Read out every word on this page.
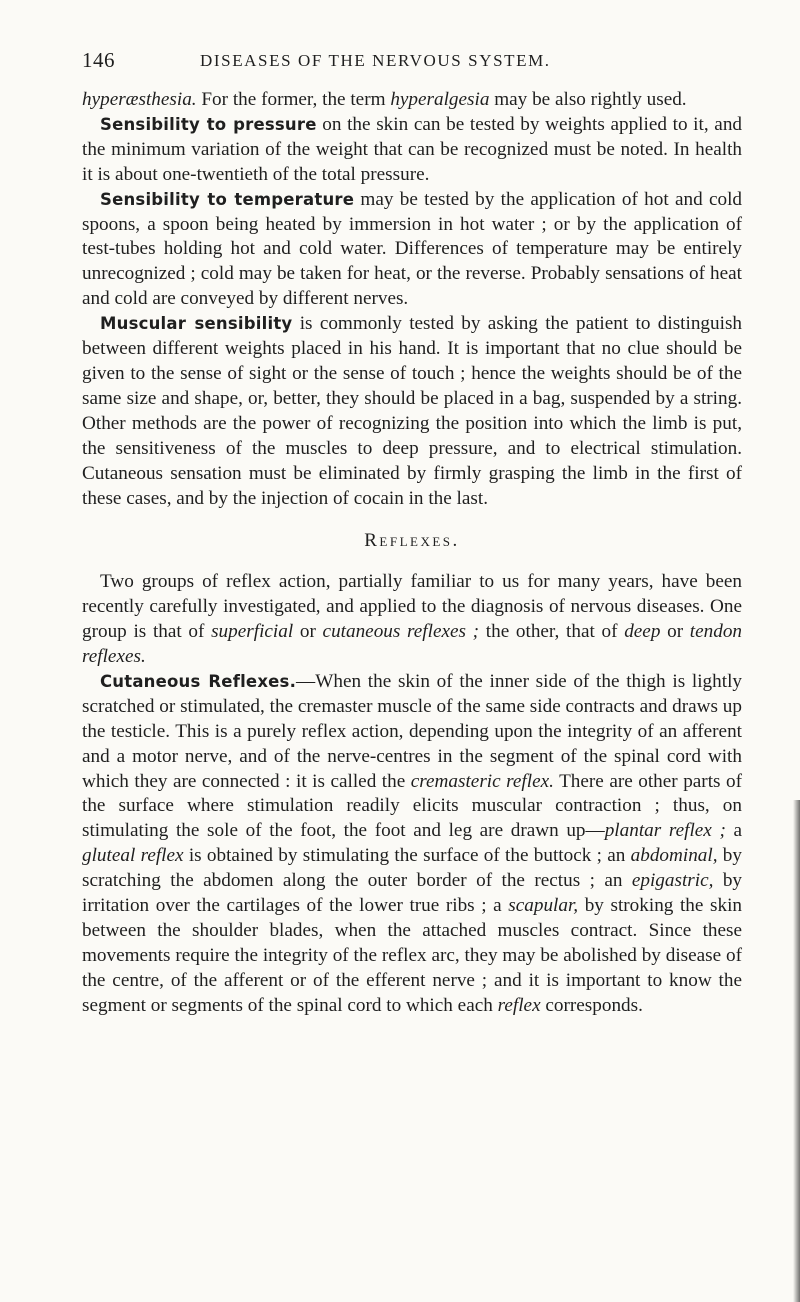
146	DISEASES OF THE NERVOUS SYSTEM.

hyperæsthesia. For the former, the term hyperalgesia may be also rightly used.

Sensibility to pressure on the skin can be tested by weights applied to it, and the minimum variation of the weight that can be recognized must be noted. In health it is about one-twentieth of the total pressure.

Sensibility to temperature may be tested by the application of hot and cold spoons, a spoon being heated by immersion in hot water ; or by the application of test-tubes holding hot and cold water. Differences of temperature may be entirely unrecognized ; cold may be taken for heat, or the reverse. Probably sensations of heat and cold are conveyed by different nerves.

Muscular sensibility is commonly tested by asking the patient to distinguish between different weights placed in his hand. It is important that no clue should be given to the sense of sight or the sense of touch ; hence the weights should be of the same size and shape, or, better, they should be placed in a bag, suspended by a string. Other methods are the power of recognizing the position into which the limb is put, the sensitiveness of the muscles to deep pressure, and to electrical stimulation. Cutaneous sensation must be eliminated by firmly grasping the limb in the first of these cases, and by the injection of cocain in the last.

Reflexes.

Two groups of reflex action, partially familiar to us for many years, have been recently carefully investigated, and applied to the diagnosis of nervous diseases. One group is that of superficial or cutaneous reflexes ; the other, that of deep or tendon reflexes.

Cutaneous Reflexes.—When the skin of the inner side of the thigh is lightly scratched or stimulated, the cremaster muscle of the same side contracts and draws up the testicle. This is a purely reflex action, depending upon the integrity of an afferent and a motor nerve, and of the nerve-centres in the segment of the spinal cord with which they are connected : it is called the cremasteric reflex. There are other parts of the surface where stimulation readily elicits muscular contraction ; thus, on stimulating the sole of the foot, the foot and leg are drawn up—plantar reflex ; a gluteal reflex is obtained by stimulating the surface of the buttock ; an abdominal, by scratching the abdomen along the outer border of the rectus ; an epigastric, by irritation over the cartilages of the lower true ribs ; a scapular, by stroking the skin between the shoulder blades, when the attached muscles contract. Since these movements require the integrity of the reflex arc, they may be abolished by disease of the centre, of the afferent or of the efferent nerve ; and it is important to know the segment or segments of the spinal cord to which each reflex corresponds.
